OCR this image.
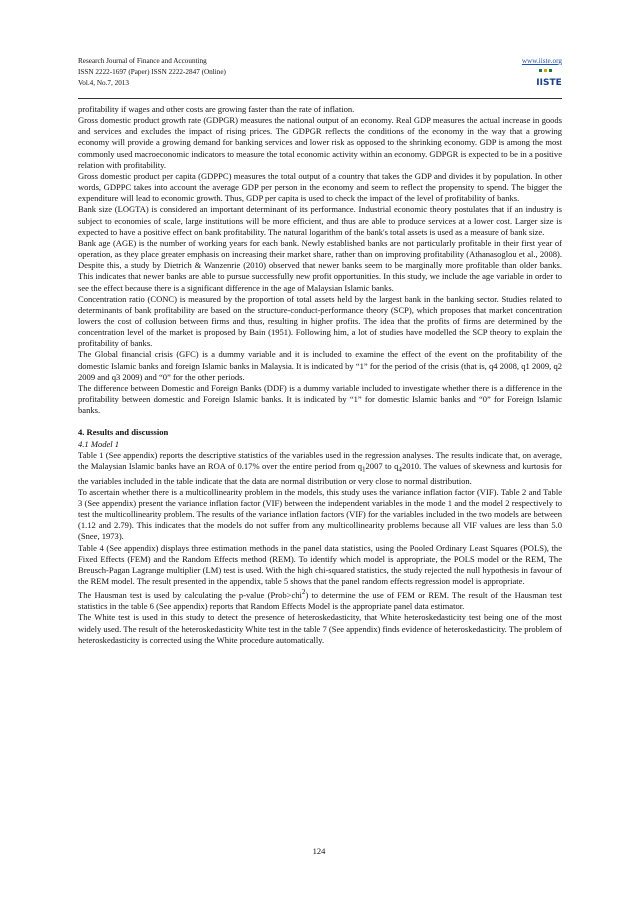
Research Journal of Finance and Accounting
ISSN 2222-1697 (Paper) ISSN 2222-2847 (Online)
Vol.4, No.7, 2013
www.iiste.org
IISTE

profitability if wages and other costs are growing faster than the rate of inflation.

Gross domestic product growth rate (GDPGR) measures the national output of an economy. Real GDP measures the actual increase in goods and services and excludes the impact of rising prices. The GDPGR reflects the conditions of the economy in the way that a growing economy will provide a growing demand for banking services and lower risk as opposed to the shrinking economy. GDP is among the most commonly used macroeconomic indicators to measure the total economic activity within an economy. GDPGR is expected to be in a positive relation with profitability.

Gross domestic product per capita (GDPPC) measures the total output of a country that takes the GDP and divides it by population. In other words, GDPPC takes into account the average GDP per person in the economy and seem to reflect the propensity to spend. The bigger the expenditure will lead to economic growth. Thus, GDP per capita is used to check the impact of the level of profitability of banks.

Bank size (LOGTA) is considered an important determinant of its performance. Industrial economic theory postulates that if an industry is subject to economies of scale, large institutions will be more efficient, and thus are able to produce services at a lower cost. Larger size is expected to have a positive effect on bank profitability. The natural logarithm of the bank's total assets is used as a measure of bank size.

Bank age (AGE) is the number of working years for each bank. Newly established banks are not particularly profitable in their first year of operation, as they place greater emphasis on increasing their market share, rather than on improving profitability (Athanasoglou et al., 2008). Despite this, a study by Dietrich & Wanzenrie (2010) observed that newer banks seem to be marginally more profitable than older banks. This indicates that newer banks are able to pursue successfully new profit opportunities. In this study, we include the age variable in order to see the effect because there is a significant difference in the age of Malaysian Islamic banks.

Concentration ratio (CONC) is measured by the proportion of total assets held by the largest bank in the banking sector. Studies related to determinants of bank profitability are based on the structure-conduct-performance theory (SCP), which proposes that market concentration lowers the cost of collusion between firms and thus, resulting in higher profits. The idea that the profits of firms are determined by the concentration level of the market is proposed by Bain (1951). Following him, a lot of studies have modelled the SCP theory to explain the profitability of banks.

The Global financial crisis (GFC) is a dummy variable and it is included to examine the effect of the event on the profitability of the domestic Islamic banks and foreign Islamic banks in Malaysia. It is indicated by “1” for the period of the crisis (that is, q4 2008, q1 2009, q2 2009 and q3 2009) and “0” for the other periods.

The difference between Domestic and Foreign Banks (DDF) is a dummy variable included to investigate whether there is a difference in the profitability between domestic and Foreign Islamic banks. It is indicated by “1” for domestic Islamic banks and “0” for Foreign Islamic banks.

4. Results and discussion

4.1 Model 1

Table 1 (See appendix) reports the descriptive statistics of the variables used in the regression analyses. The results indicate that, on average, the Malaysian Islamic banks have an ROA of 0.17% over the entire period from $q_12007$ to $q_42010$. The values of skewness and kurtosis for the variables included in the table indicate that the data are normal distribution or very close to normal distribution.

To ascertain whether there is a multicollinearity problem in the models, this study uses the variance inflation factor (VIF). Table 2 and Table 3 (See appendix) present the variance inflation factor (VIF) between the independent variables in the mode 1 and the model 2 respectively to test the multicollinearity problem. The results of the variance inflation factors (VIF) for the variables included in the two models are between (1.12 and 2.79). This indicates that the models do not suffer from any multicollinearity problems because all VIF values are less than 5.0 (Snee, 1973).

Table 4 (See appendix) displays three estimation methods in the panel data statistics, using the Pooled Ordinary Least Squares (POLS), the Fixed Effects (FEM) and the Random Effects method (REM). To identify which model is appropriate, the POLS model or the REM, The Breusch-Pagan Lagrange multiplier (LM) test is used. With the high chi-squared statistics, the study rejected the null hypothesis in favour of the REM model. The result presented in the appendix, table 5 shows that the panel random effects regression model is appropriate.

The Hausman test is used by calculating the p-value (Prob>chi$^2$) to determine the use of FEM or REM. The result of the Hausman test statistics in the table 6 (See appendix) reports that Random Effects Model is the appropriate panel data estimator.

The White test is used in this study to detect the presence of heteroskedasticity, that White heteroskedasticity test being one of the most widely used. The result of the heteroskedasticity White test in the table 7 (See appendix) finds evidence of heteroskedasticity. The problem of heteroskedasticity is corrected using the White procedure automatically.

124
